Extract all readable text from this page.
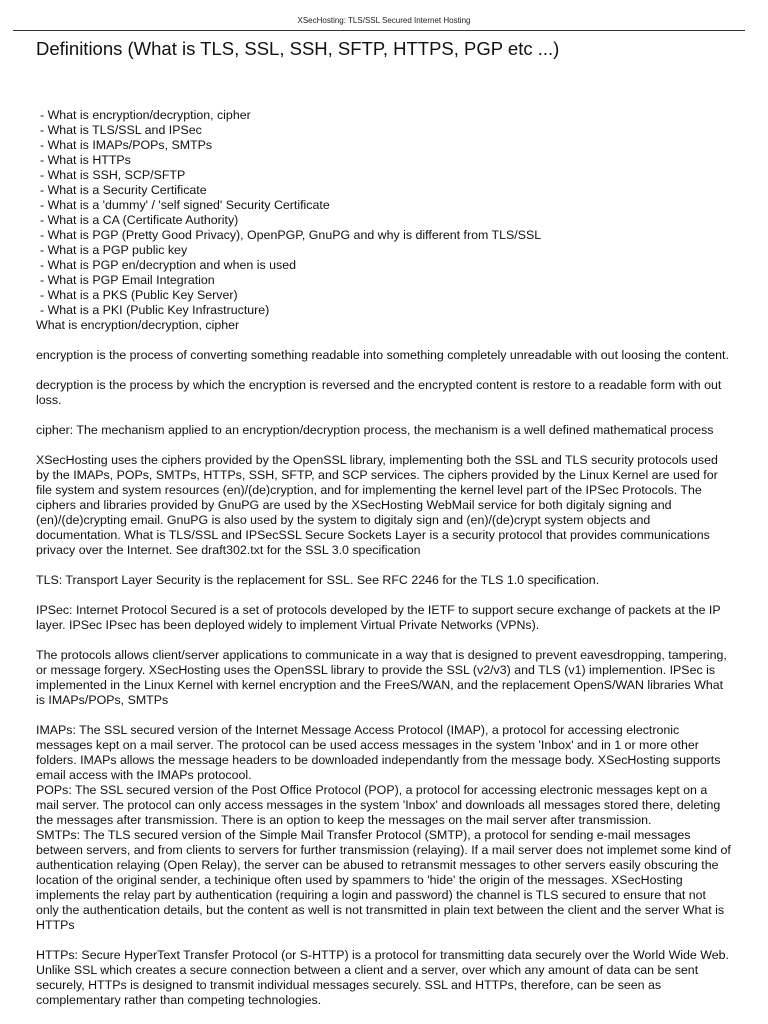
XSecHosting: TLS/SSL Secured Internet Hosting
Definitions (What is TLS, SSL, SSH, SFTP, HTTPS, PGP etc ...)
- What is encryption/decryption, cipher
- What is TLS/SSL and IPSec
- What is IMAPs/POPs, SMTPs
- What is HTTPs
- What is SSH, SCP/SFTP
- What is a Security Certificate
- What is a 'dummy' / 'self signed' Security Certificate
- What is a CA (Certificate Authority)
- What is PGP (Pretty Good Privacy), OpenPGP, GnuPG and why is different from TLS/SSL
- What is a PGP public key
- What is PGP en/decryption and when is used
- What is PGP Email Integration
- What is a PKS (Public Key Server)
- What is a PKI (Public Key Infrastructure)

What is encryption/decryption, cipher

encryption is the process of converting something readable into something completely unreadable with out loosing the content.

decryption is the process by which the encryption is reversed and the encrypted content is restore to a readable form with out loss.

cipher: The mechanism applied to an encryption/decryption process, the mechanism is a well defined mathematical process

XSecHosting uses the ciphers provided by the OpenSSL library, implementing both the SSL and TLS security protocols used by the IMAPs, POPs, SMTPs, HTTPs, SSH, SFTP, and SCP services. The ciphers provided by the Linux Kernel are used for file system and system resources (en)/(de)cryption, and for implementing the kernel level part of the IPSec Protocols. The ciphers and libraries provided by GnuPG are used by the XSecHosting WebMail service for both digitaly signing and (en)/(de)crypting email. GnuPG is also used by the system to digitaly sign and (en)/(de)crypt system objects and documentation. What is TLS/SSL and IPSecSSL Secure Sockets Layer is a security protocol that provides communications privacy over the Internet. See draft302.txt for the SSL 3.0 specification

TLS: Transport Layer Security is the replacement for SSL. See RFC 2246 for the TLS 1.0 specification.

IPSec: Internet Protocol Secured is a set of protocols developed by the IETF to support secure exchange of packets at the IP layer. IPSec IPsec has been deployed widely to implement Virtual Private Networks (VPNs).

The protocols allows client/server applications to communicate in a way that is designed to prevent eavesdropping, tampering, or message forgery. XSecHosting uses the OpenSSL library to provide the SSL (v2/v3) and TLS (v1) implemention. IPSec is implemented in the Linux Kernel with kernel encryption and the FreeS/WAN, and the replacement OpenS/WAN libraries What is IMAPs/POPs, SMTPs

IMAPs: The SSL secured version of the Internet Message Access Protocol (IMAP), a protocol for accessing electronic messages kept on a mail server. The protocol can be used access messages in the system 'Inbox' and in 1 or more other folders. IMAPs allows the message headers to be downloaded independantly from the message body. XSecHosting supports email access with the IMAPs protocool.

POPs: The SSL secured version of the Post Office Protocol (POP), a protocol for accessing electronic messages kept on a mail server. The protocol can only access messages in the system 'Inbox' and downloads all messages stored there, deleting the messages after transmission. There is an option to keep the messages on the mail server after transmission.

SMTPs: The TLS secured version of the Simple Mail Transfer Protocol (SMTP), a protocol for sending e-mail messages between servers, and from clients to servers for further transmission (relaying). If a mail server does not implemet some kind of authentication relaying (Open Relay), the server can be abused to retransmit messages to other servers easily obscuring the location of the original sender, a techinique often used by spammers to 'hide' the origin of the messages. XSecHosting implements the relay part by authentication (requiring a login and password) the channel is TLS secured to ensure that not only the authentication details, but the content as well is not transmitted in plain text between the client and the server What is HTTPs

HTTPs: Secure HyperText Transfer Protocol (or S-HTTP) is a protocol for transmitting data securely over the World Wide Web. Unlike SSL which creates a secure connection between a client and a server, over which any amount of data can be sent securely, HTTPs is designed to transmit individual messages securely. SSL and HTTPs, therefore, can be seen as complementary rather than competing technologies.
